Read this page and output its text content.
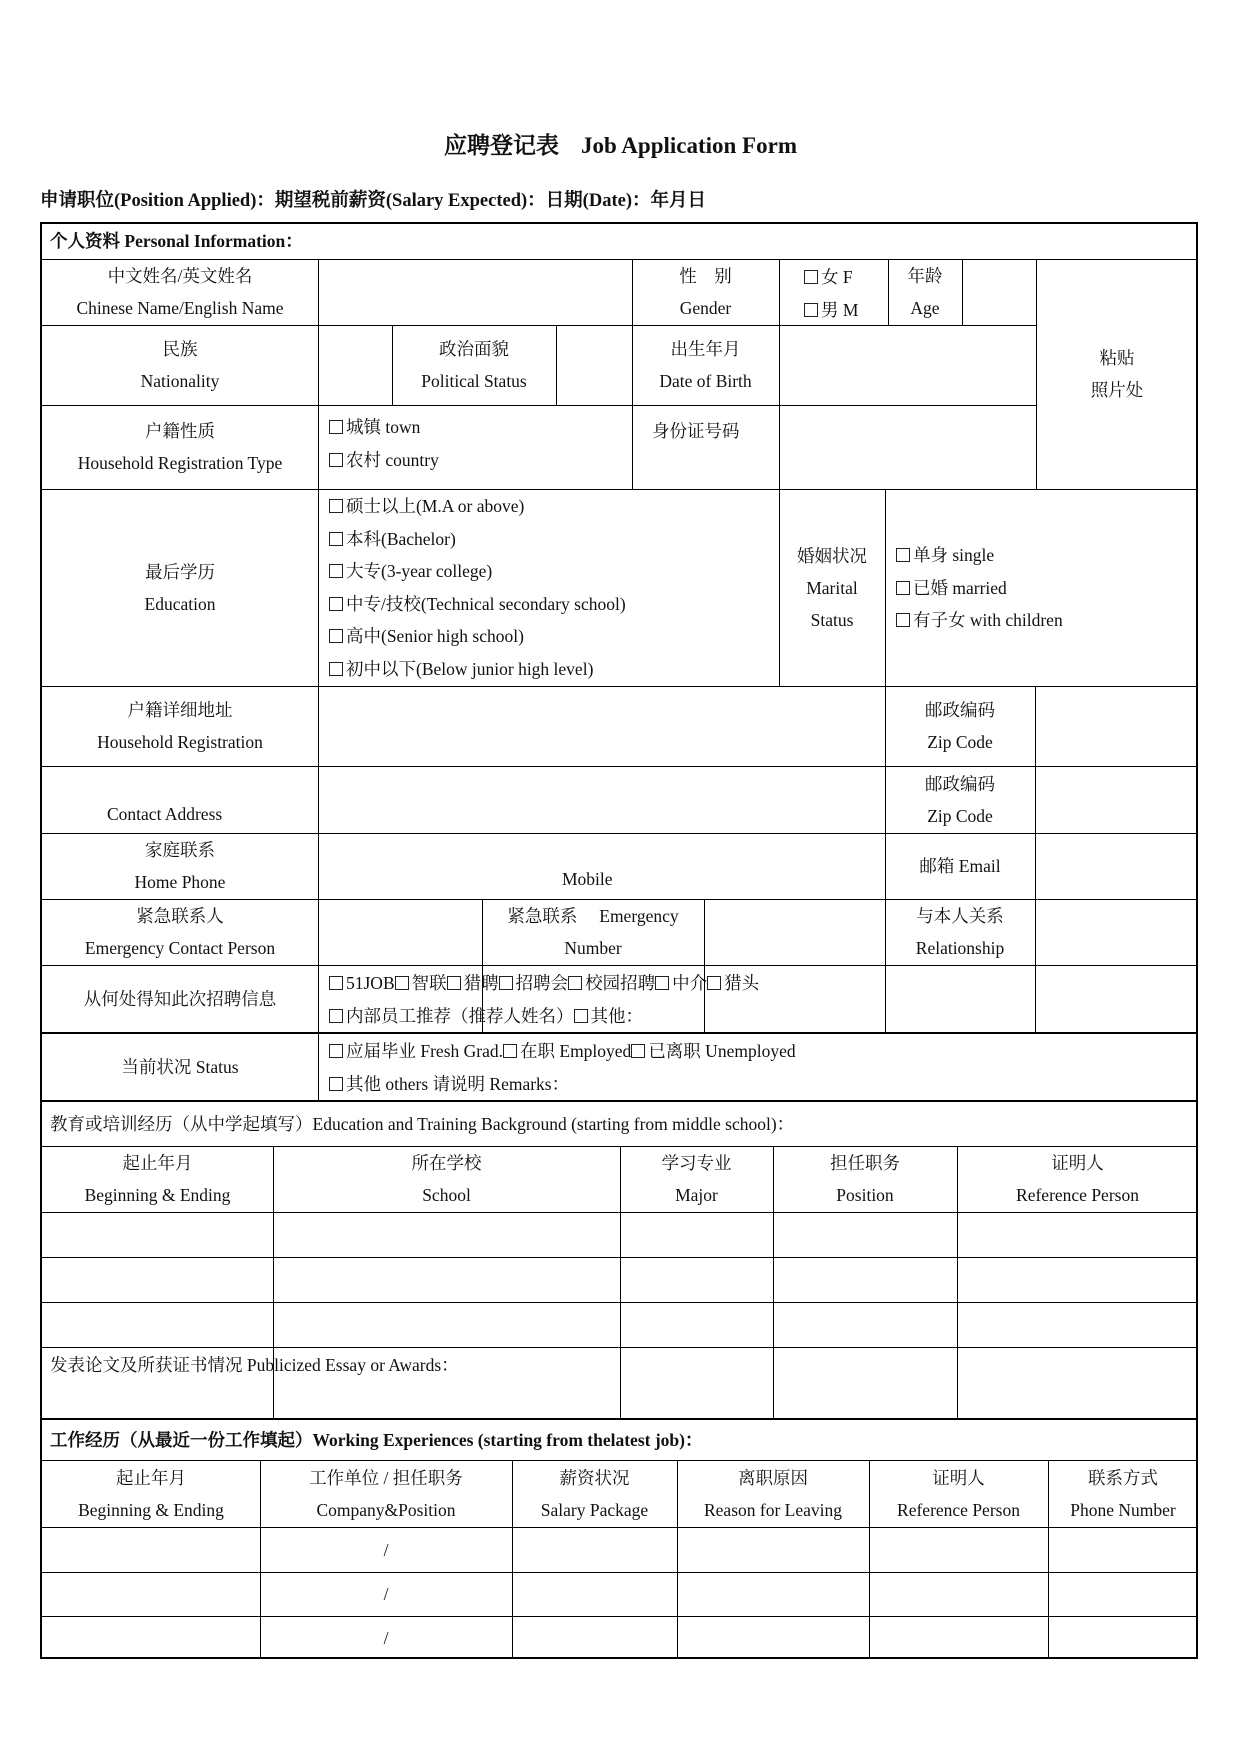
应聘登记表 Job Application Form
申请职位(Position Applied)：期望税前薪资(Salary Expected)：日期(Date)：年月日
个人资料 Personal Information：
中文姓名/英文姓名
Chinese Name/English Name
性　别
Gender
女 F
男 M
年龄
Age
粘贴
照片处
民族
Nationality
政治面貌
Political Status
出生年月
Date of Birth
户籍性质
Household Registration Type
城镇 town
农村 country
身份证号码
最后学历
Education
硕士以上(M.A or above)
本科(Bachelor)
大专(3-year college)
中专/技校(Technical secondary school)
高中(Senior high school)
初中以下(Below junior high level)
婚姻状况
Marital
Status
单身 single
已婚 married
有子女 with children
户籍详细地址
Household Registration
邮政编码
Zip Code
Contact Address
邮政编码
Zip Code
家庭联系
Home Phone	Mobile
邮箱 Email
紧急联系人
Emergency Contact Person
紧急联系　 Emergency
Number
与本人关系
Relationship
从何处得知此次招聘信息
51JOB 智联 猎聘 招聘会 校园招聘 中介 猎头
内部员工推荐（推荐人姓名） 其他：
当前状况 Status
应届毕业 Fresh Grad. 在职 Employed 已离职 Unemployed
其他 others 请说明 Remarks：
教育或培训经历（从中学起填写）Education and Training Background (starting from middle school)：
起止年月
Beginning & Ending
所在学校
School
学习专业
Major
担任职务
Position
证明人
Reference Person
发表论文及所获证书情况 Publicized Essay or Awards：
工作经历（从最近一份工作填起）Working Experiences (starting from thelatest job)：
起止年月
Beginning & Ending
工作单位 / 担任职务
Company&Position
薪资状况
Salary Package
离职原因
Reason for Leaving
证明人
Reference Person
联系方式
Phone Number
/
/
/
